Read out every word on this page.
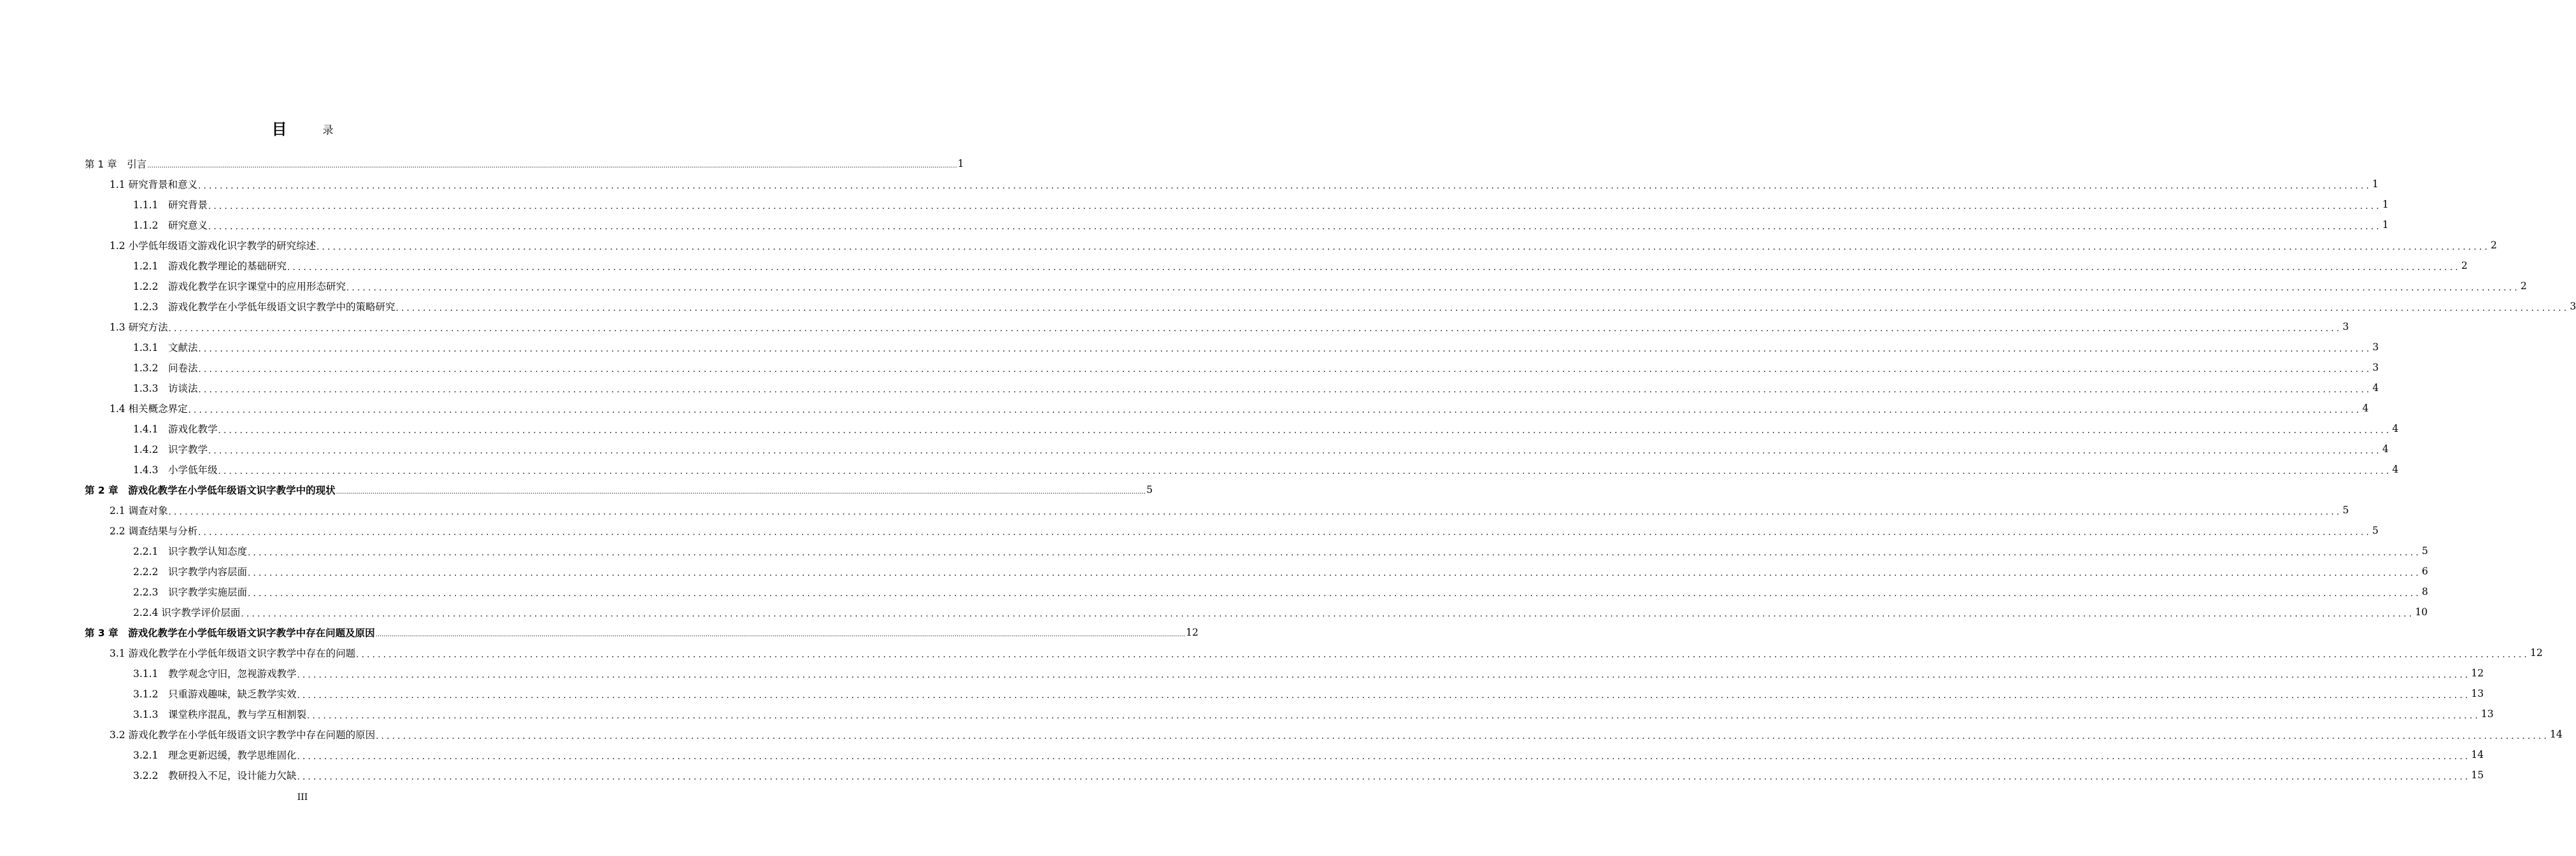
目	录
第 1 章　引言 ................................................................................................................................................................................................................................................................................................................................................................................................................ 1
1.1 研究背景和意义 ................................................................................................................................................................................................................................................................................................................................................................................................................ 1
1.1.1　研究背景 ................................................................................................................................................................................................................................................................................................................................................................................................................ 1
1.1.2　研究意义 ................................................................................................................................................................................................................................................................................................................................................................................................................ 1
1.2 小学低年级语文游戏化识字教学的研究综述 ................................................................................................................................................................................................................................................................................................................................................................................................................ 2
1.2.1　游戏化教学理论的基础研究 ................................................................................................................................................................................................................................................................................................................................................................................................................ 2
1.2.2　游戏化教学在识字课堂中的应用形态研究 ................................................................................................................................................................................................................................................................................................................................................................................................................ 2
1.2.3　游戏化教学在小学低年级语文识字教学中的策略研究 ................................................................................................................................................................................................................................................................................................................................................................................................................ 3
1.3 研究方法 ................................................................................................................................................................................................................................................................................................................................................................................................................ 3
1.3.1　文献法 ................................................................................................................................................................................................................................................................................................................................................................................................................ 3
1.3.2　问卷法 ................................................................................................................................................................................................................................................................................................................................................................................................................ 3
1.3.3　访谈法 ................................................................................................................................................................................................................................................................................................................................................................................................................ 4
1.4 相关概念界定 ................................................................................................................................................................................................................................................................................................................................................................................................................ 4
1.4.1　游戏化教学 ................................................................................................................................................................................................................................................................................................................................................................................................................ 4
1.4.2　识字教学 ................................................................................................................................................................................................................................................................................................................................................................................................................ 4
1.4.3　小学低年级 ................................................................................................................................................................................................................................................................................................................................................................................................................ 4
第 2 章　游戏化教学在小学低年级语文识字教学中的现状 ................................................................................................................................................................................................................................................................................................................................................................................................................ 5
2.1 调查对象 ................................................................................................................................................................................................................................................................................................................................................................................................................ 5
2.2 调查结果与分析 ................................................................................................................................................................................................................................................................................................................................................................................................................ 5
2.2.1　识字教学认知态度 ................................................................................................................................................................................................................................................................................................................................................................................................................ 5
2.2.2　识字教学内容层面 ................................................................................................................................................................................................................................................................................................................................................................................................................ 6
2.2.3　识字教学实施层面 ................................................................................................................................................................................................................................................................................................................................................................................................................ 8
2.2.4 识字教学评价层面 ................................................................................................................................................................................................................................................................................................................................................................................................................ 10
第 3 章　游戏化教学在小学低年级语文识字教学中存在问题及原因 ................................................................................................................................................................................................................................................................................................................................................................................................................ 12
3.1 游戏化教学在小学低年级语文识字教学中存在的问题 ................................................................................................................................................................................................................................................................................................................................................................................................................ 12
3.1.1　教学观念守旧，忽视游戏教学 ................................................................................................................................................................................................................................................................................................................................................................................................................ 12
3.1.2　只重游戏趣味，缺乏教学实效 ................................................................................................................................................................................................................................................................................................................................................................................................................ 13
3.1.3　课堂秩序混乱，教与学互相割裂 ................................................................................................................................................................................................................................................................................................................................................................................................................ 13
3.2 游戏化教学在小学低年级语文识字教学中存在问题的原因 ................................................................................................................................................................................................................................................................................................................................................................................................................ 14
3.2.1　理念更新迟缓，教学思维固化 ................................................................................................................................................................................................................................................................................................................................................................................................................ 14
3.2.2　教研投入不足，设计能力欠缺 ................................................................................................................................................................................................................................................................................................................................................................................................................ 15
III
